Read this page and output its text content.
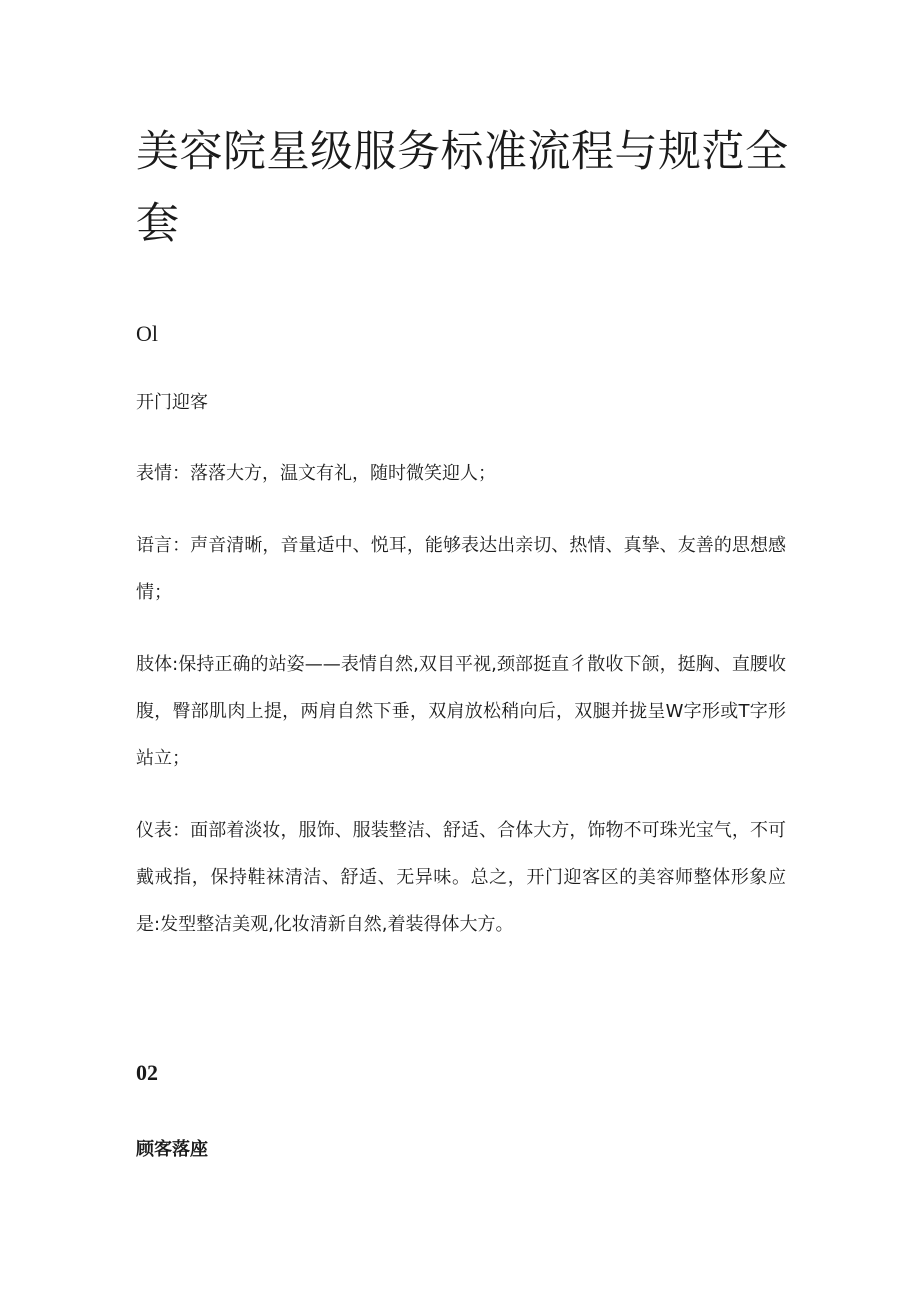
美容院星级服务标准流程与规范全套
Ol
开门迎客

表情：落落大方，温文有礼，随时微笑迎人；

语言：声音清晰，音量适中、悦耳，能够表达出亲切、热情、真挚、友善的思想感情；

肢体:保持正确的站姿——表情自然,双目平视,颈部挺直彳散收下颌，挺胸、直腰收腹，臀部肌肉上提，两肩自然下垂，双肩放松稍向后，双腿并拢呈W字形或T字形站立；

仪表：面部着淡妆，服饰、服装整洁、舒适、合体大方，饰物不可珠光宝气，不可戴戒指，保持鞋袜清洁、舒适、无异味。总之，开门迎客区的美容师整体形象应是:发型整洁美观,化妆清新自然,着装得体大方。

02
顾客落座
